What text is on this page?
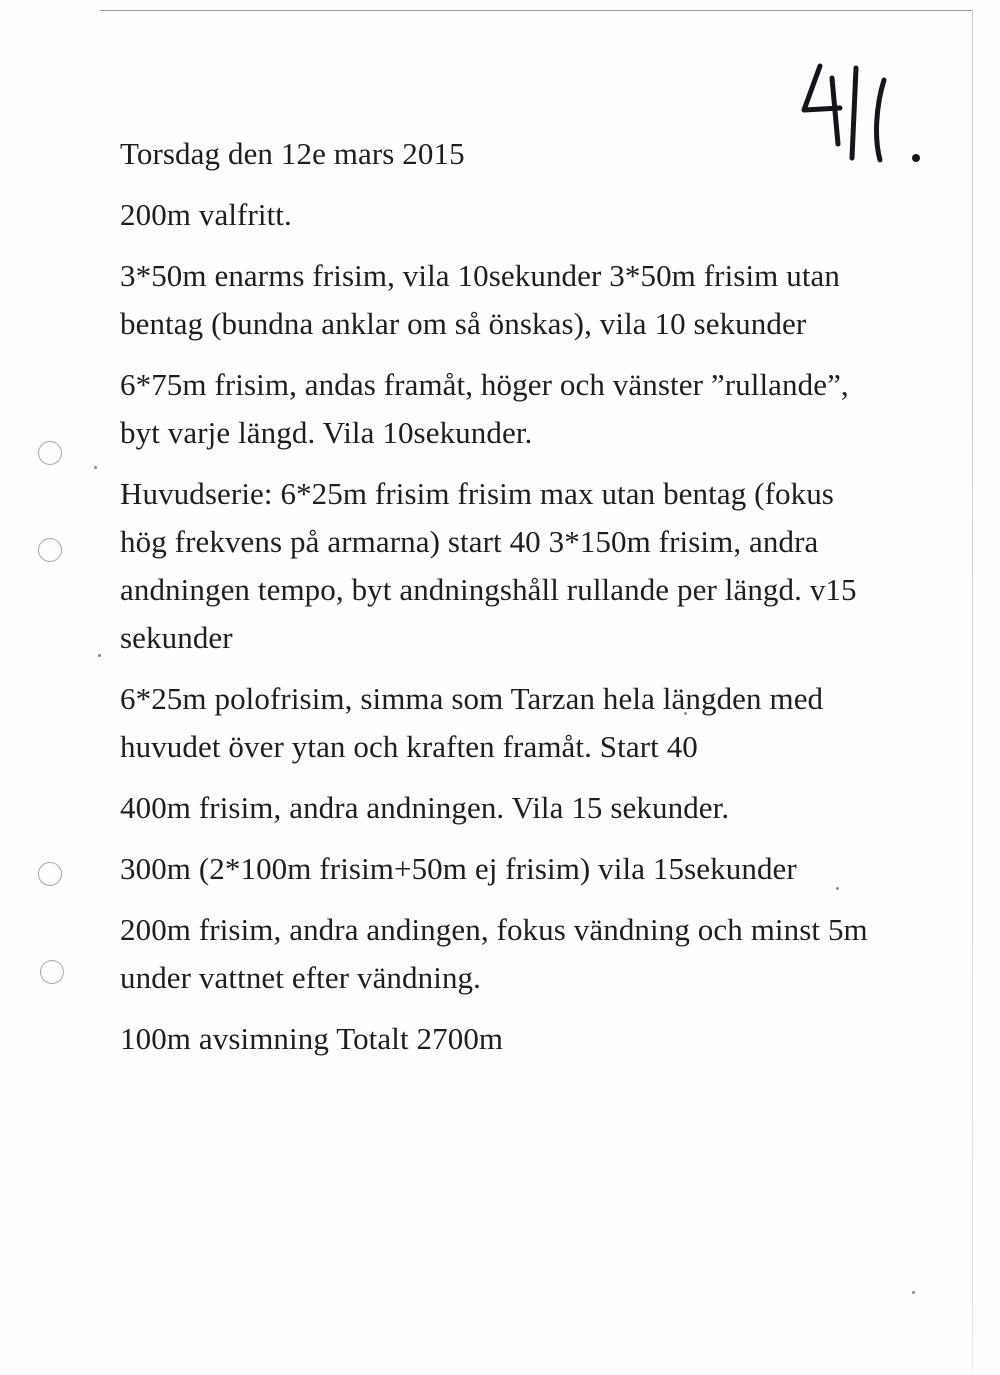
Torsdag den 12e mars 2015

200m valfritt.

3*50m enarms frisim, vila 10sekunder 3*50m frisim utan bentag (bundna anklar om så önskas), vila 10 sekunder

6*75m frisim, andas framåt, höger och vänster ”rullande”, byt varje längd. Vila 10sekunder.

Huvudserie: 6*25m frisim frisim max utan bentag (fokus hög frekvens på armarna) start 40 3*150m frisim, andra andningen tempo, byt andningshåll rullande per längd. v15 sekunder

6*25m polofrisim, simma som Tarzan hela längden med huvudet över ytan och kraften framåt. Start 40

400m frisim, andra andningen. Vila 15 sekunder.

300m (2*100m frisim+50m ej frisim) vila 15sekunder

200m frisim, andra andingen, fokus vändning och minst 5m under vattnet efter vändning.

100m avsimning Totalt 2700m
